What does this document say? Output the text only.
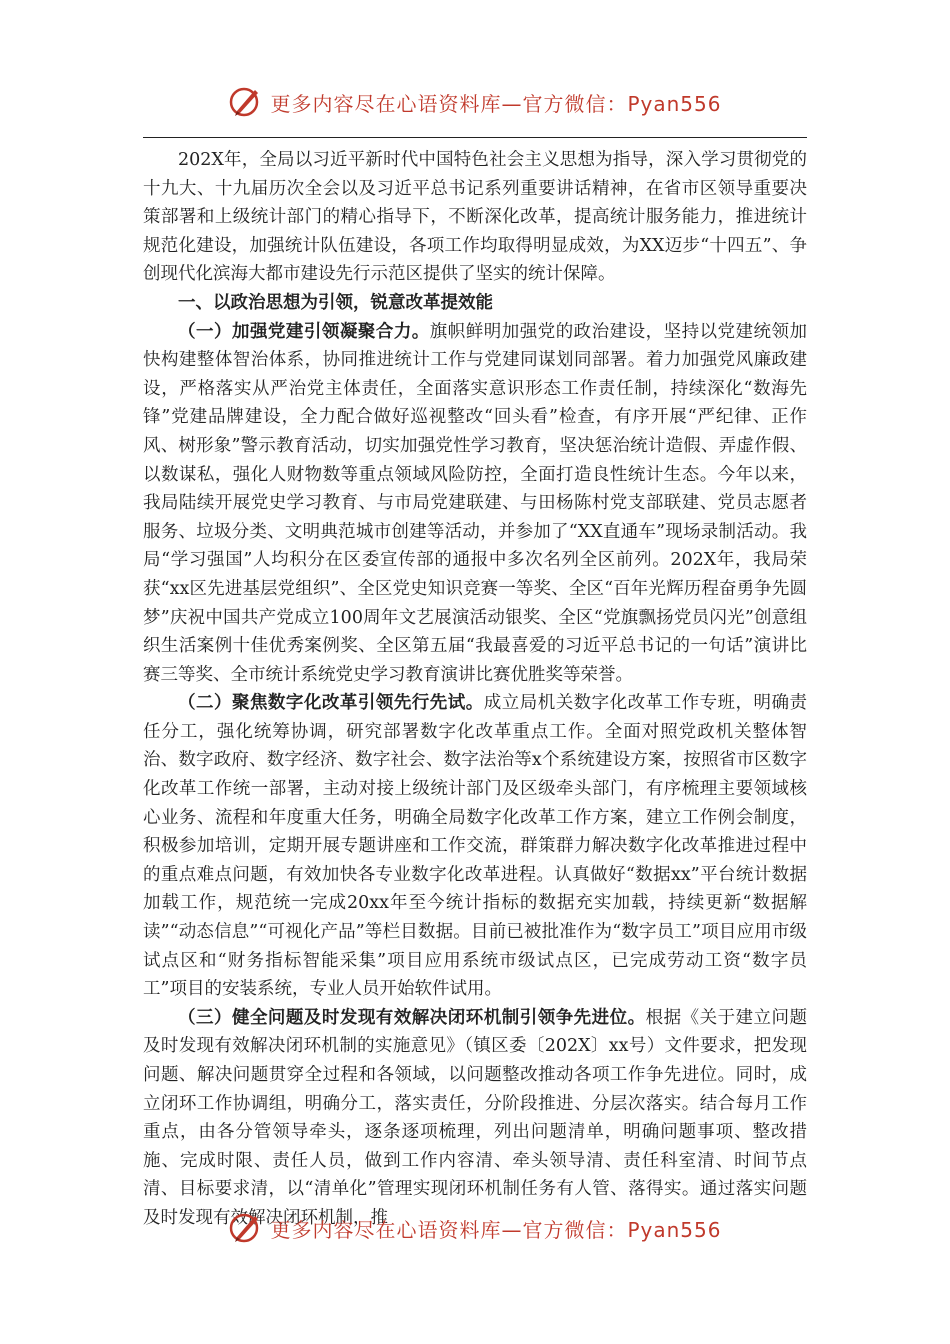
更多内容尽在心语资料库—官方微信：Pyan556

202X年，全局以习近平新时代中国特色社会主义思想为指导，深入学习贯彻党的十九大、十九届历次全会以及习近平总书记系列重要讲话精神，在省市区领导重要决策部署和上级统计部门的精心指导下，不断深化改革，提高统计服务能力，推进统计规范化建设，加强统计队伍建设，各项工作均取得明显成效，为XX迈步“十四五”、争创现代化滨海大都市建设先行示范区提供了坚实的统计保障。

一、以政治思想为引领，锐意改革提效能

（一）加强党建引领凝聚合力。旗帜鲜明加强党的政治建设，坚持以党建统领加快构建整体智治体系，协同推进统计工作与党建同谋划同部署。着力加强党风廉政建设，严格落实从严治党主体责任，全面落实意识形态工作责任制，持续深化“数海先锋”党建品牌建设，全力配合做好巡视整改“回头看”检查，有序开展“严纪律、正作风、树形象”警示教育活动，切实加强党性学习教育，坚决惩治统计造假、弄虚作假、以数谋私，强化人财物数等重点领域风险防控，全面打造良性统计生态。今年以来，我局陆续开展党史学习教育、与市局党建联建、与田杨陈村党支部联建、党员志愿者服务、垃圾分类、文明典范城市创建等活动，并参加了“XX直通车”现场录制活动。我局“学习强国”人均积分在区委宣传部的通报中多次名列全区前列。202X年，我局荣获“xx区先进基层党组织”、全区党史知识竞赛一等奖、全区“百年光辉历程奋勇争先圆梦”庆祝中国共产党成立100周年文艺展演活动银奖、全区“党旗飘扬党员闪光”创意组织生活案例十佳优秀案例奖、全区第五届“我最喜爱的习近平总书记的一句话”演讲比赛三等奖、全市统计系统党史学习教育演讲比赛优胜奖等荣誉。

（二）聚焦数字化改革引领先行先试。成立局机关数字化改革工作专班，明确责任分工，强化统筹协调，研究部署数字化改革重点工作。全面对照党政机关整体智治、数字政府、数字经济、数字社会、数字法治等x个系统建设方案，按照省市区数字化改革工作统一部署，主动对接上级统计部门及区级牵头部门，有序梳理主要领域核心业务、流程和年度重大任务，明确全局数字化改革工作方案，建立工作例会制度，积极参加培训，定期开展专题讲座和工作交流，群策群力解决数字化改革推进过程中的重点难点问题，有效加快各专业数字化改革进程。认真做好“数据xx”平台统计数据加载工作，规范统一完成20xx年至今统计指标的数据充实加载，持续更新“数据解读”“动态信息”“可视化产品”等栏目数据。目前已被批准作为“数字员工”项目应用市级试点区和“财务指标智能采集”项目应用系统市级试点区，已完成劳动工资“数字员工”项目的安装系统，专业人员开始软件试用。

（三）健全问题及时发现有效解决闭环机制引领争先进位。根据《关于建立问题及时发现有效解决闭环机制的实施意见》（镇区委〔202X〕xx号）文件要求，把发现问题、解决问题贯穿全过程和各领域，以问题整改推动各项工作争先进位。同时，成立闭环工作协调组，明确分工，落实责任，分阶段推进、分层次落实。结合每月工作重点，由各分管领导牵头，逐条逐项梳理，列出问题清单，明确问题事项、整改措施、完成时限、责任人员，做到工作内容清、牵头领导清、责任科室清、时间节点清、目标要求清，以“清单化”管理实现闭环机制任务有人管、落得实。通过落实问题及时发现有效解决闭环机制，推

更多内容尽在心语资料库—官方微信：Pyan556
